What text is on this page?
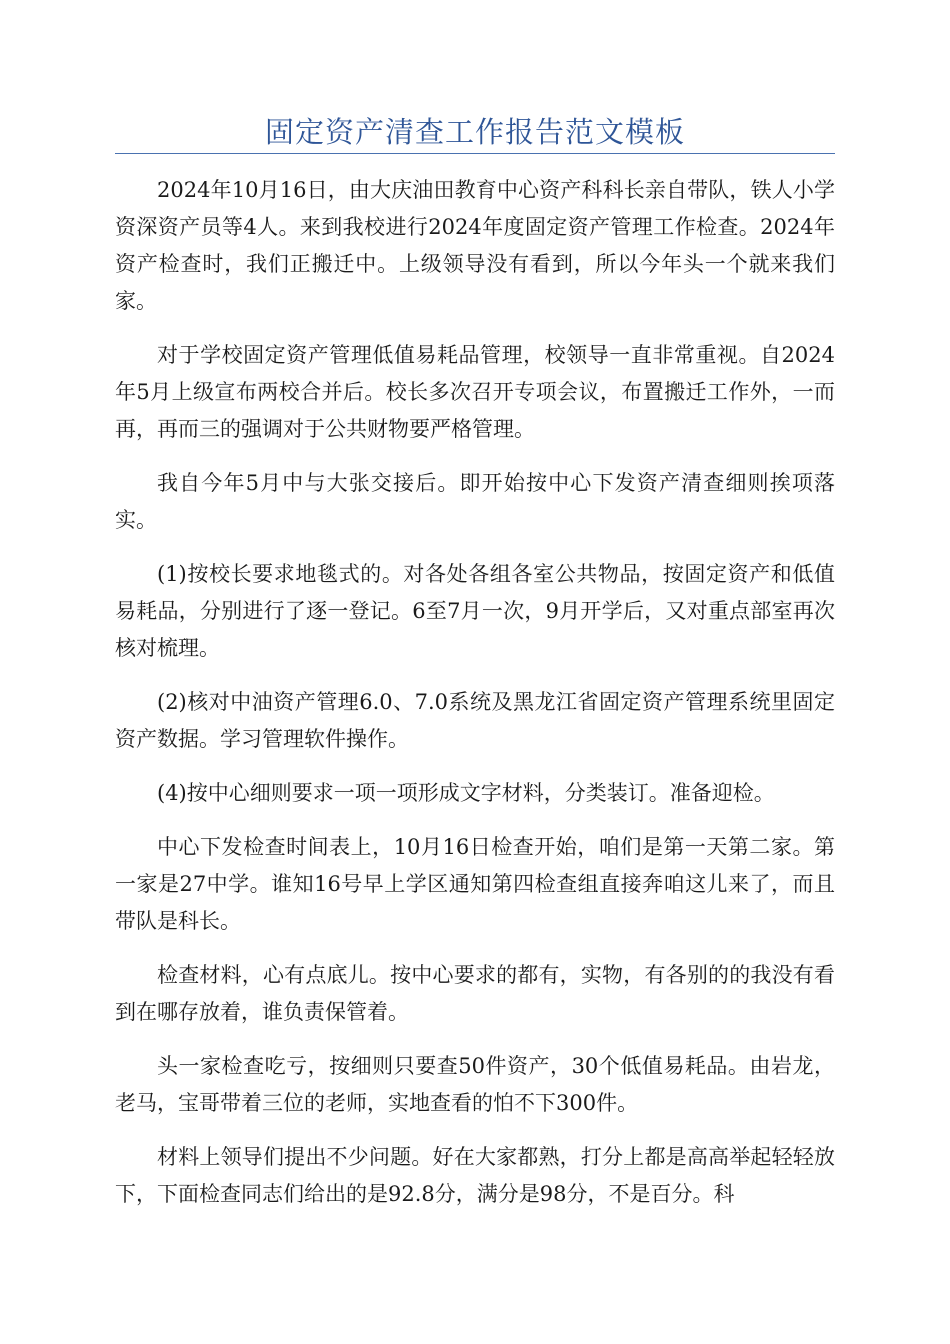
固定资产清查工作报告范文模板

2024年10月16日，由大庆油田教育中心资产科科长亲自带队，铁人小学资深资产员等4人。来到我校进行2024年度固定资产管理工作检查。2024年资产检查时，我们正搬迁中。上级领导没有看到，所以今年头一个就来我们家。

对于学校固定资产管理低值易耗品管理，校领导一直非常重视。自2024年5月上级宣布两校合并后。校长多次召开专项会议，布置搬迁工作外，一而再，再而三的强调对于公共财物要严格管理。

我自今年5月中与大张交接后。即开始按中心下发资产清查细则挨项落实。

(1)按校长要求地毯式的。对各处各组各室公共物品，按固定资产和低值易耗品，分别进行了逐一登记。6至7月一次，9月开学后，又对重点部室再次核对梳理。

(2)核对中油资产管理6.0、7.0系统及黑龙江省固定资产管理系统里固定资产数据。学习管理软件操作。

(4)按中心细则要求一项一项形成文字材料，分类装订。准备迎检。

中心下发检查时间表上，10月16日检查开始，咱们是第一天第二家。第一家是27中学。谁知16号早上学区通知第四检查组直接奔咱这儿来了，而且带队是科长。

检查材料，心有点底儿。按中心要求的都有，实物，有各别的的我没有看到在哪存放着，谁负责保管着。

头一家检查吃亏，按细则只要查50件资产，30个低值易耗品。由岩龙，老马，宝哥带着三位的老师，实地查看的怕不下300件。

材料上领导们提出不少问题。好在大家都熟，打分上都是高高举起轻轻放下，下面检查同志们给出的是92.8分，满分是98分，不是百分。科
